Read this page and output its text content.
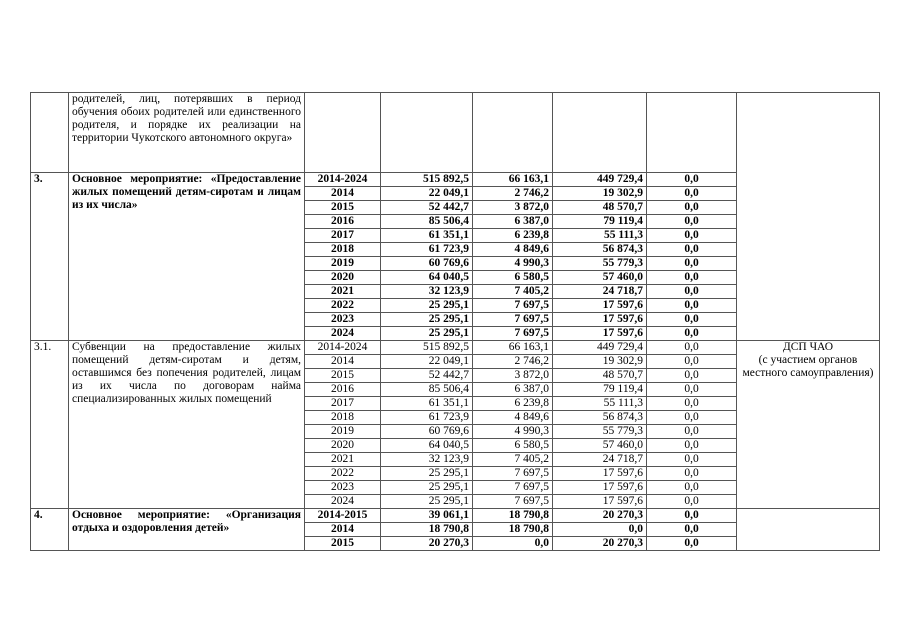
	родителей, лиц, потерявших в период обучения обоих родителей или единственного родителя, и порядке их реализации на территории Чукотского автономного округа»						
3.	Основное мероприятие: «Предоставление жилых помещений детям-сиротам и лицам из их числа»	2014-2024	515 892,5	66 163,1	449 729,4	0,0	
		2014	22 049,1	2 746,2	19 302,9	0,0	
		2015	52 442,7	3 872,0	48 570,7	0,0	
		2016	85 506,4	6 387,0	79 119,4	0,0	
		2017	61 351,1	6 239,8	55 111,3	0,0	
		2018	61 723,9	4 849,6	56 874,3	0,0	
		2019	60 769,6	4 990,3	55 779,3	0,0	
		2020	64 040,5	6 580,5	57 460,0	0,0	
		2021	32 123,9	7 405,2	24 718,7	0,0	
		2022	25 295,1	7 697,5	17 597,6	0,0	
		2023	25 295,1	7 697,5	17 597,6	0,0	
		2024	25 295,1	7 697,5	17 597,6	0,0	
3.1.	Субвенции на предоставление жилых помещений детям-сиротам и детям, оставшимся без попечения родителей, лицам из их числа по договорам найма специализированных жилых помещений	2014-2024	515 892,5	66 163,1	449 729,4	0,0	ДСП ЧАО
(с участием органов местного самоуправления)

		2014	22 049,1	2 746,2	19 302,9	0,0	
		2015	52 442,7	3 872,0	48 570,7	0,0	
		2016	85 506,4	6 387,0	79 119,4	0,0	
		2017	61 351,1	6 239,8	55 111,3	0,0	
		2018	61 723,9	4 849,6	56 874,3	0,0	
		2019	60 769,6	4 990,3	55 779,3	0,0	
		2020	64 040,5	6 580,5	57 460,0	0,0	
		2021	32 123,9	7 405,2	24 718,7	0,0	
		2022	25 295,1	7 697,5	17 597,6	0,0	
		2023	25 295,1	7 697,5	17 597,6	0,0	
		2024	25 295,1	7 697,5	17 597,6	0,0	
4.	Основное мероприятие: «Организация отдыха и оздоровления детей»	2014-2015	39 061,1	18 790,8	20 270,3	0,0	
		2014	18 790,8	18 790,8	0,0	0,0	
		2015	20 270,3	0,0	20 270,3	0,0	
